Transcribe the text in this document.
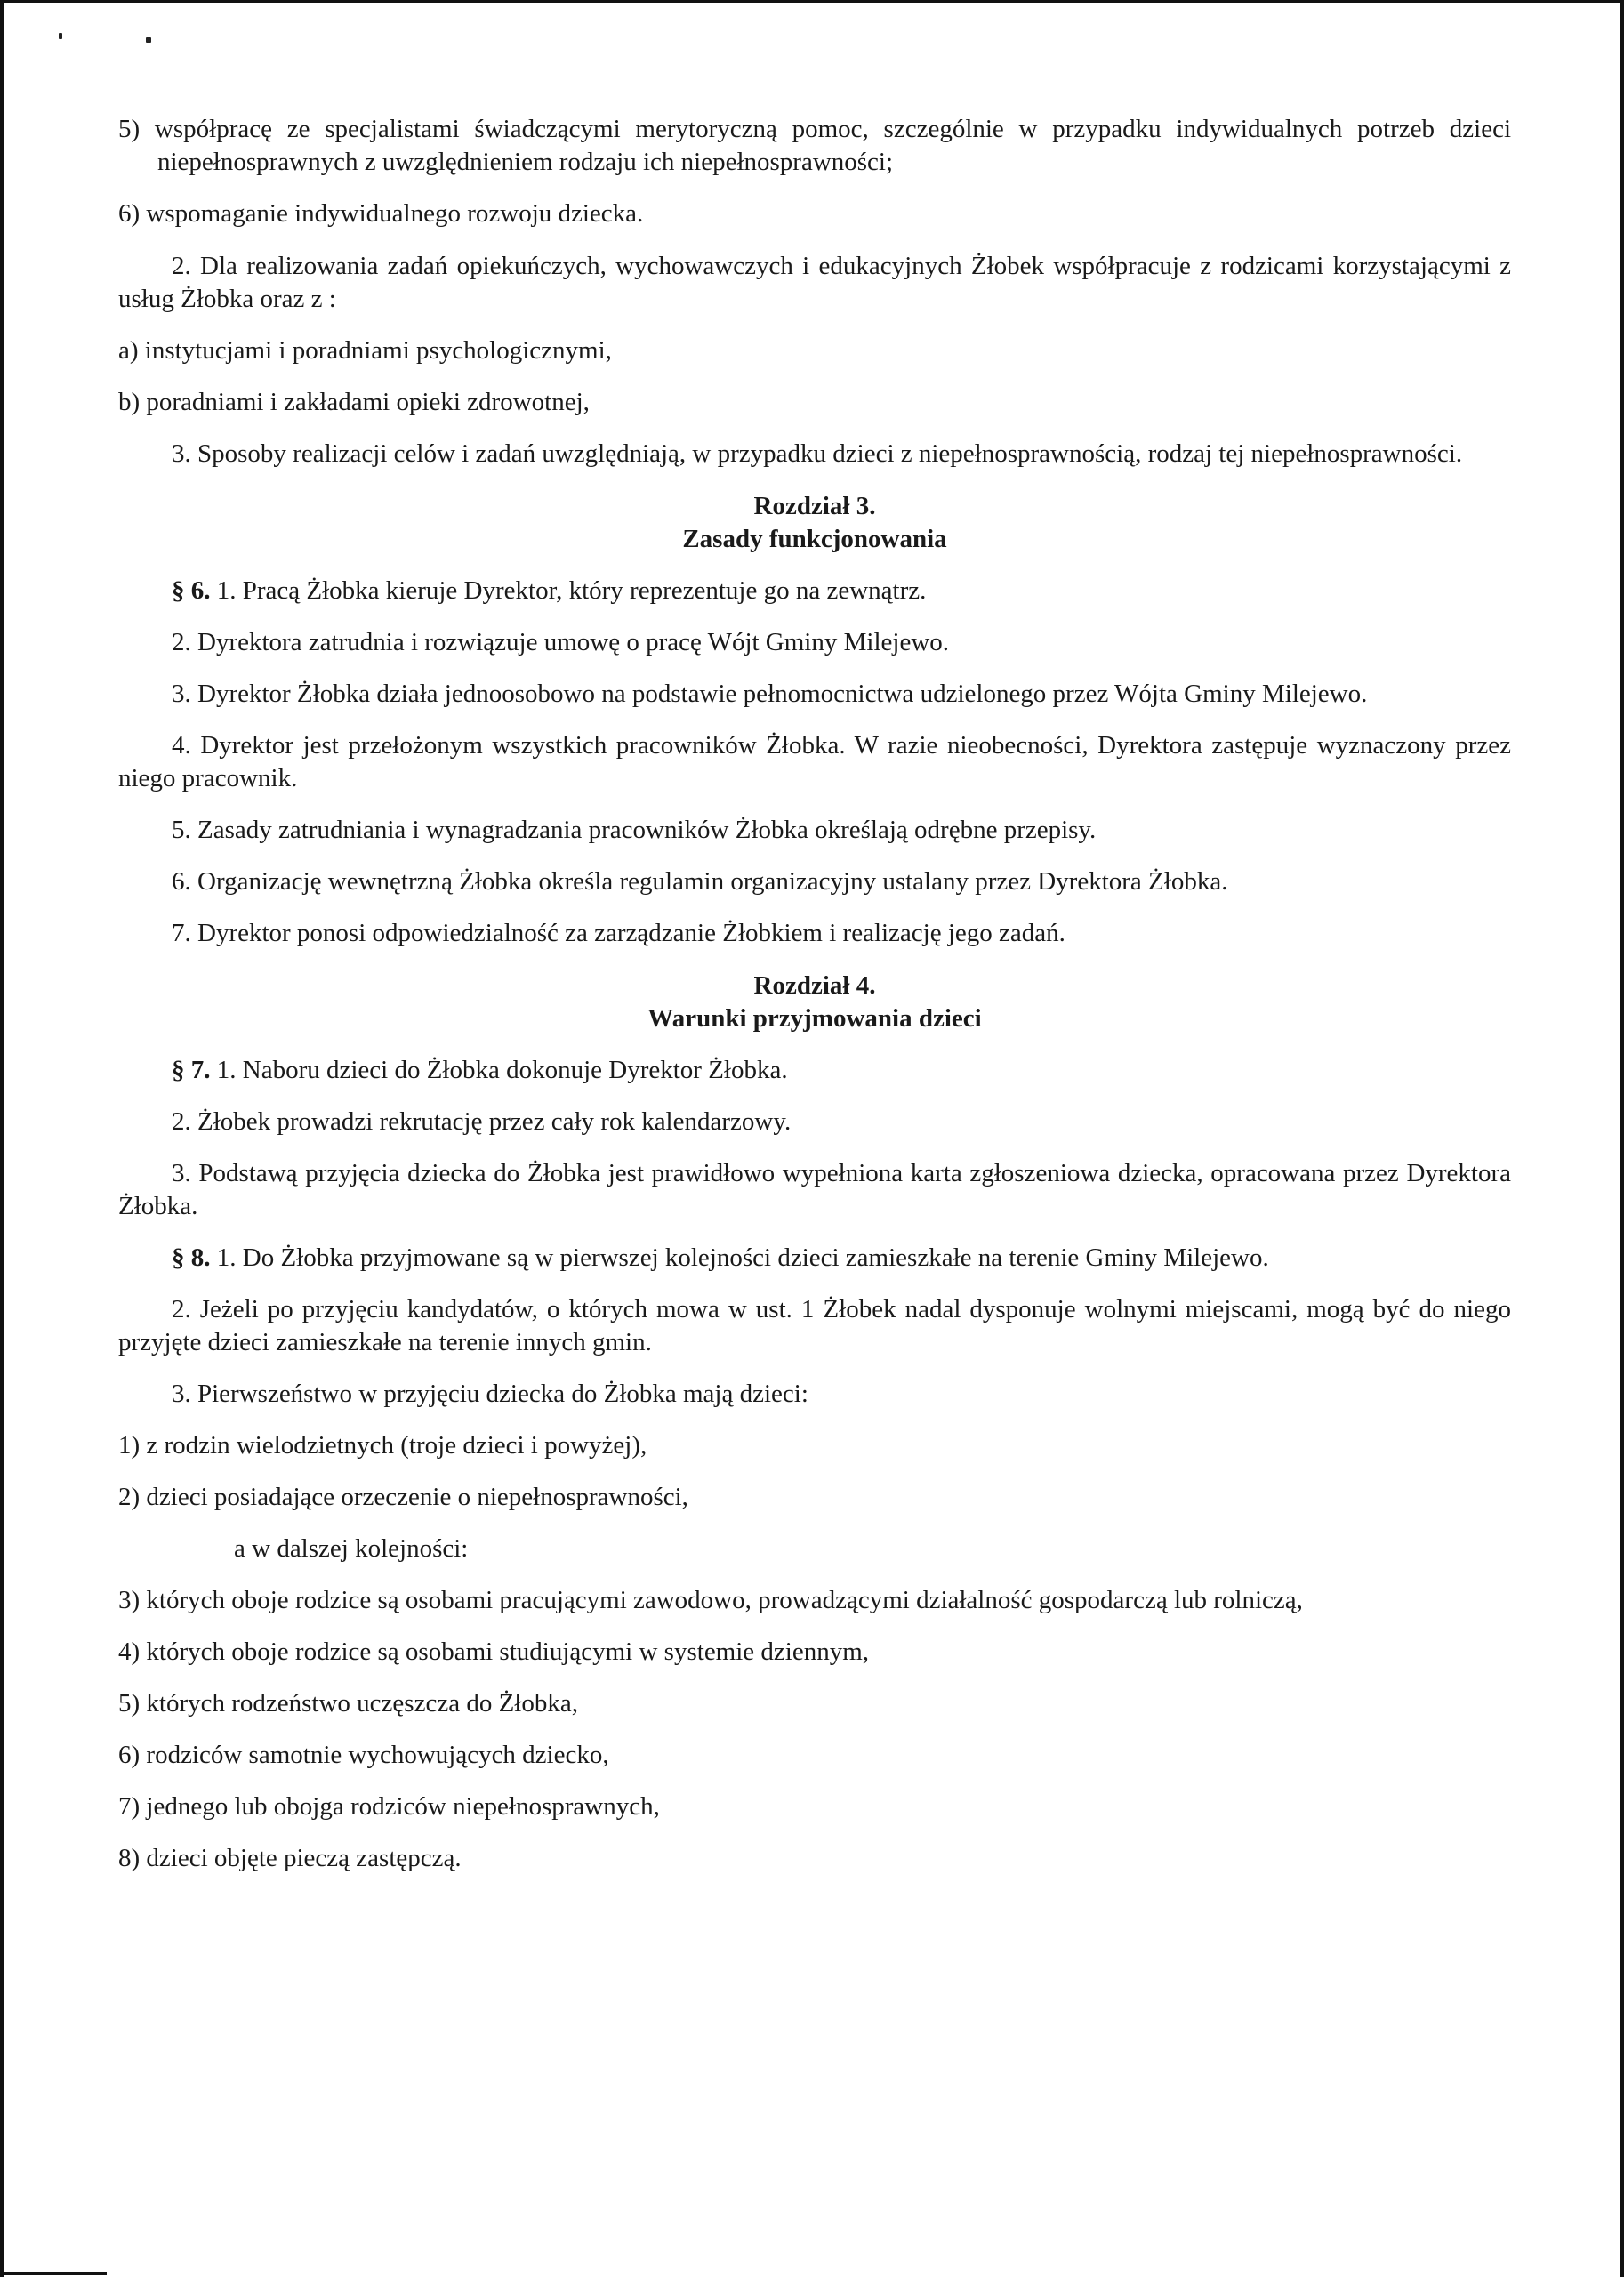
5) współpracę ze specjalistami świadczącymi merytoryczną pomoc, szczególnie w przypadku indywidualnych potrzeb dzieci niepełnosprawnych z uwzględnieniem rodzaju ich niepełnosprawności;

6) wspomaganie indywidualnego rozwoju dziecka.

2. Dla realizowania zadań opiekuńczych, wychowawczych i edukacyjnych Żłobek współpracuje z rodzicami korzystającymi z usług Żłobka oraz z :

a) instytucjami i poradniami psychologicznymi,

b) poradniami i zakładami opieki zdrowotnej,

3. Sposoby realizacji celów i zadań uwzględniają, w przypadku dzieci z niepełnosprawnością, rodzaj tej niepełnosprawności.

Rozdział 3.

Zasady funkcjonowania

§ 6. 1. Pracą Żłobka kieruje Dyrektor, który reprezentuje go na zewnątrz.

2. Dyrektora zatrudnia i rozwiązuje umowę o pracę Wójt Gminy Milejewo.

3. Dyrektor Żłobka działa jednoosobowo na podstawie pełnomocnictwa udzielonego przez Wójta Gminy Milejewo.

4. Dyrektor jest przełożonym wszystkich pracowników Żłobka. W razie nieobecności, Dyrektora zastępuje wyznaczony przez niego pracownik.

5. Zasady zatrudniania i wynagradzania pracowników Żłobka określają odrębne przepisy.

6. Organizację wewnętrzną Żłobka określa regulamin organizacyjny ustalany przez Dyrektora Żłobka.

7. Dyrektor ponosi odpowiedzialność za zarządzanie Żłobkiem i realizację jego zadań.

Rozdział 4.

Warunki przyjmowania dzieci

§ 7. 1. Naboru dzieci do Żłobka dokonuje Dyrektor Żłobka.

2. Żłobek prowadzi rekrutację przez cały rok kalendarzowy.

3. Podstawą przyjęcia dziecka do Żłobka jest prawidłowo wypełniona karta zgłoszeniowa dziecka, opracowana przez Dyrektora Żłobka.

§ 8. 1. Do Żłobka przyjmowane są w pierwszej kolejności dzieci zamieszkałe na terenie Gminy Milejewo.

2. Jeżeli po przyjęciu kandydatów, o których mowa w ust. 1 Żłobek nadal dysponuje wolnymi miejscami, mogą być do niego przyjęte dzieci zamieszkałe na terenie innych gmin.

3. Pierwszeństwo w przyjęciu dziecka do Żłobka mają dzieci:

1) z rodzin wielodzietnych (troje dzieci i powyżej),

2) dzieci posiadające orzeczenie o niepełnosprawności,

a w dalszej kolejności:

3) których oboje rodzice są osobami pracującymi zawodowo, prowadzącymi działalność gospodarczą lub rolniczą,

4) których oboje rodzice są osobami studiującymi w systemie dziennym,

5) których rodzeństwo uczęszcza do Żłobka,

6) rodziców samotnie wychowujących dziecko,

7) jednego lub obojga rodziców niepełnosprawnych,

8) dzieci objęte pieczą zastępczą.
